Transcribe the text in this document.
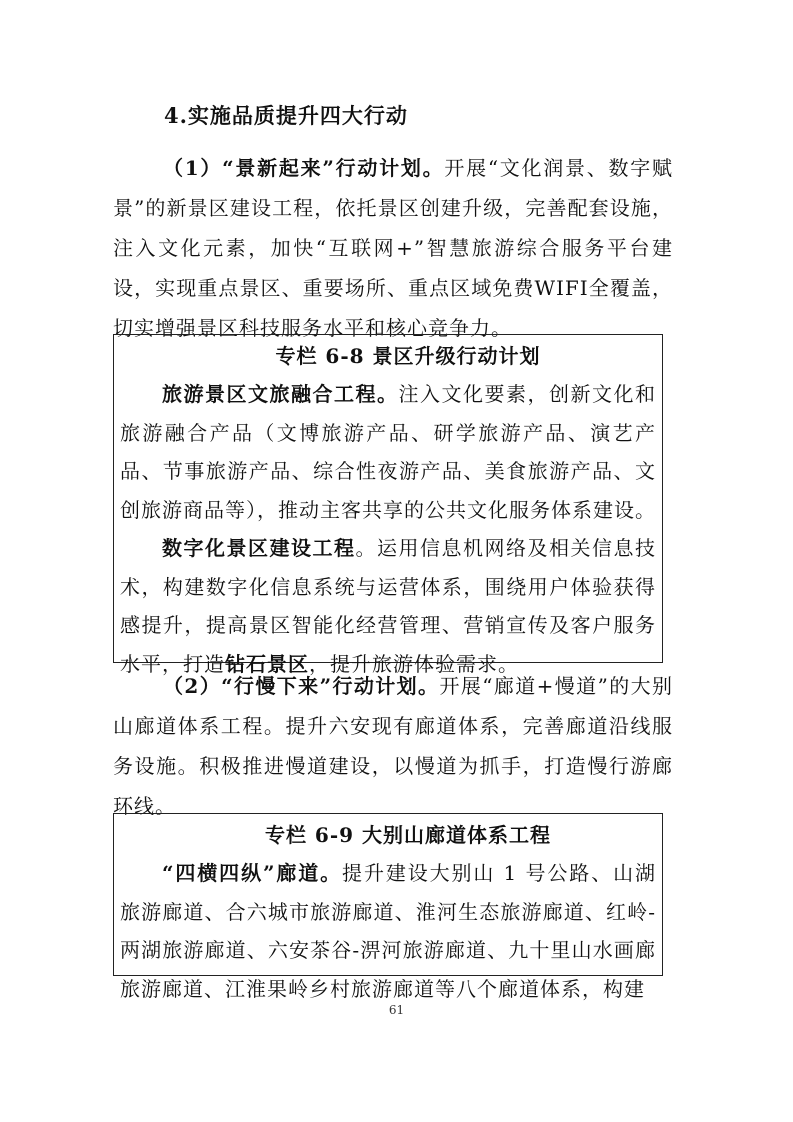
4.实施品质提升四大行动

（1）“景新起来”行动计划。开展“文化润景、数字赋景”的新景区建设工程，依托景区创建升级，完善配套设施，注入文化元素，加快“互联网+”智慧旅游综合服务平台建设，实现重点景区、重要场所、重点区域免费WIFI全覆盖，切实增强景区科技服务水平和核心竞争力。

专栏 6-8 景区升级行动计划

旅游景区文旅融合工程。注入文化要素，创新文化和旅游融合产品（文博旅游产品、研学旅游产品、演艺产品、节事旅游产品、综合性夜游产品、美食旅游产品、文创旅游商品等），推动主客共享的公共文化服务体系建设。

数字化景区建设工程。运用信息机网络及相关信息技术，构建数字化信息系统与运营体系，围绕用户体验获得感提升，提高景区智能化经营管理、营销宣传及客户服务水平，打造钻石景区，提升旅游体验需求。

（2）“行慢下来”行动计划。开展“廊道+慢道”的大别山廊道体系工程。提升六安现有廊道体系，完善廊道沿线服务设施。积极推进慢道建设，以慢道为抓手，打造慢行游廊环线。

专栏 6-9 大别山廊道体系工程

“四横四纵”廊道。提升建设大别山 1 号公路、山湖旅游廊道、合六城市旅游廊道、淮河生态旅游廊道、红岭-两湖旅游廊道、六安茶谷-淠河旅游廊道、九十里山水画廊旅游廊道、江淮果岭乡村旅游廊道等八个廊道体系，构建

61
